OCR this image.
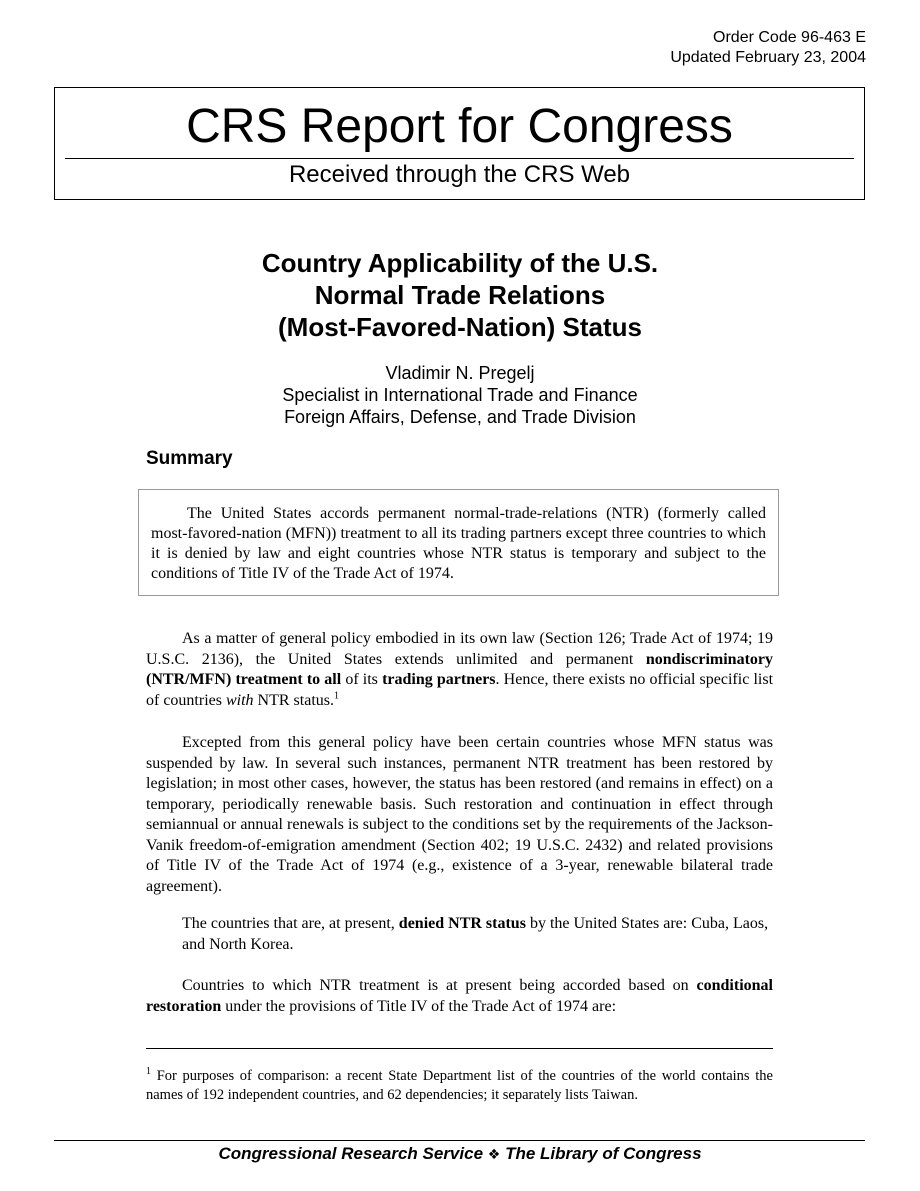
Order Code 96-463 E
Updated February 23, 2004
CRS Report for Congress
Received through the CRS Web
Country Applicability of the U.S.
Normal Trade Relations
(Most-Favored-Nation) Status
Vladimir N. Pregelj
Specialist in International Trade and Finance
Foreign Affairs, Defense, and Trade Division
Summary

The United States accords permanent normal-trade-relations (NTR) (formerly called most-favored-nation (MFN)) treatment to all its trading partners except three countries to which it is denied by law and eight countries whose NTR status is temporary and subject to the conditions of Title IV of the Trade Act of 1974.

As a matter of general policy embodied in its own law (Section 126; Trade Act of 1974; 19 U.S.C. 2136), the United States extends unlimited and permanent nondiscriminatory (NTR/MFN) treatment to all of its trading partners. Hence, there exists no official specific list of countries with NTR status.$^1$

Excepted from this general policy have been certain countries whose MFN status was suspended by law. In several such instances, permanent NTR treatment has been restored by legislation; in most other cases, however, the status has been restored (and remains in effect) on a temporary, periodically renewable basis. Such restoration and continuation in effect through semiannual or annual renewals is subject to the conditions set by the requirements of the Jackson-Vanik freedom-of-emigration amendment (Section 402; 19 U.S.C. 2432) and related provisions of Title IV of the Trade Act of 1974 (e.g., existence of a 3-year, renewable bilateral trade agreement).

The countries that are, at present, denied NTR status by the United States are: Cuba, Laos, and North Korea.

Countries to which NTR treatment is at present being accorded based on conditional restoration under the provisions of Title IV of the Trade Act of 1974 are:

$^1$ For purposes of comparison: a recent State Department list of the countries of the world contains the names of 192 independent countries, and 62 dependencies; it separately lists Taiwan.

Congressional Research Service ❖ The Library of Congress
